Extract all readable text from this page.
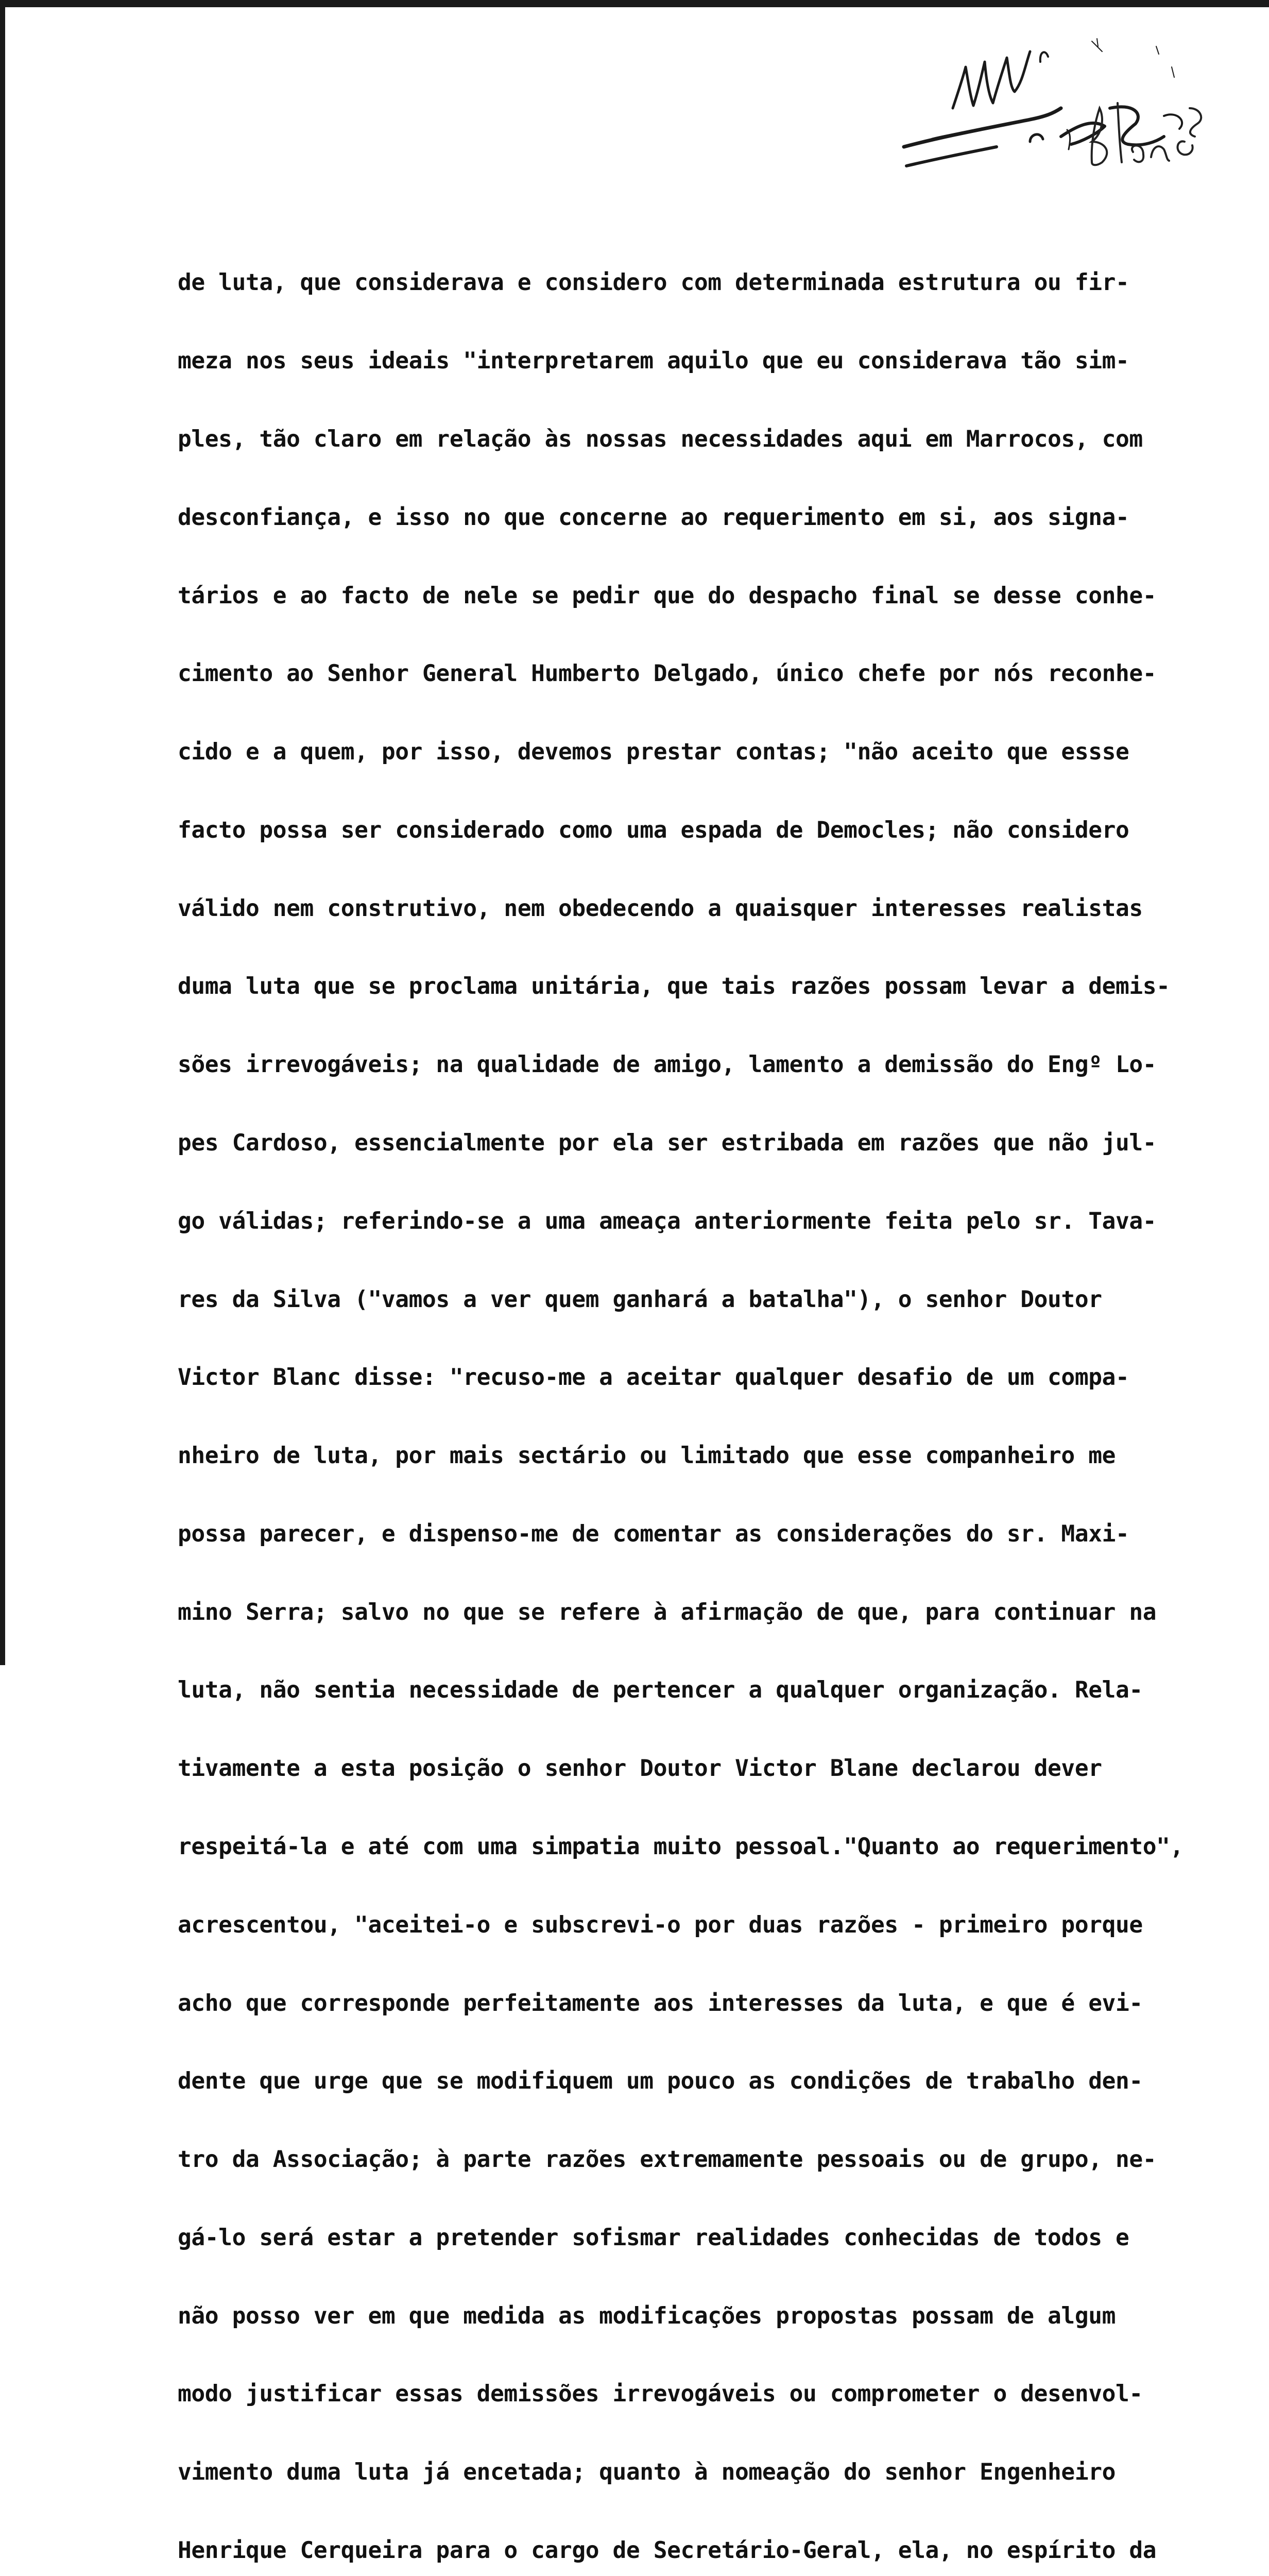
de luta, que considerava e considero com determinada estrutura ou fir-

meza nos seus ideais "interpretarem aquilo que eu considerava tão sim-

ples, tão claro em relação às nossas necessidades aqui em Marrocos, com

desconfiança, e isso no que concerne ao requerimento em si, aos signa-

tários e ao facto de nele se pedir que do despacho final se desse conhe-

cimento ao Senhor General Humberto Delgado, único chefe por nós reconhe-

cido e a quem, por isso, devemos prestar contas; "não aceito que essse

facto possa ser considerado como uma espada de Democles; não considero

válido nem construtivo, nem obedecendo a quaisquer interesses realistas

duma luta que se proclama unitária, que tais razões possam levar a demis-

sões irrevogáveis; na qualidade de amigo, lamento a demissão do Engº Lo-

pes Cardoso, essencialmente por ela ser estribada em razões que não jul-

go válidas; referindo-se a uma ameaça anteriormente feita pelo sr. Tava-

res da Silva ("vamos a ver quem ganhará a batalha"), o senhor Doutor

Victor Blanc disse: "recuso-me a aceitar qualquer desafio de um compa-

nheiro de luta, por mais sectário ou limitado que esse companheiro me

possa parecer, e dispenso-me de comentar as considerações do sr. Maxi-

mino Serra; salvo no que se refere à afirmação de que, para continuar na

luta, não sentia necessidade de pertencer a qualquer organização. Rela-

tivamente a esta posição o senhor Doutor Victor Blane declarou dever

respeitá-la e até com uma simpatia muito pessoal."Quanto ao requerimento",

acrescentou, "aceitei-o e subscrevi-o por duas razões - primeiro porque

acho que corresponde perfeitamente aos interesses da luta, e que é evi-

dente que urge que se modifiquem um pouco as condições de trabalho den-

tro da Associação; à parte razões extremamente pessoais ou de grupo, ne-

gá-lo será estar a pretender sofismar realidades conhecidas de todos e

não posso ver em que medida as modificações propostas possam de algum

modo justificar essas demissões irrevogáveis ou comprometer o desenvol-

vimento duma luta já encetada; quanto à nomeação do senhor Engenheiro

Henrique Cerqueira para o cargo de Secretário-Geral, ela, no espírito da
